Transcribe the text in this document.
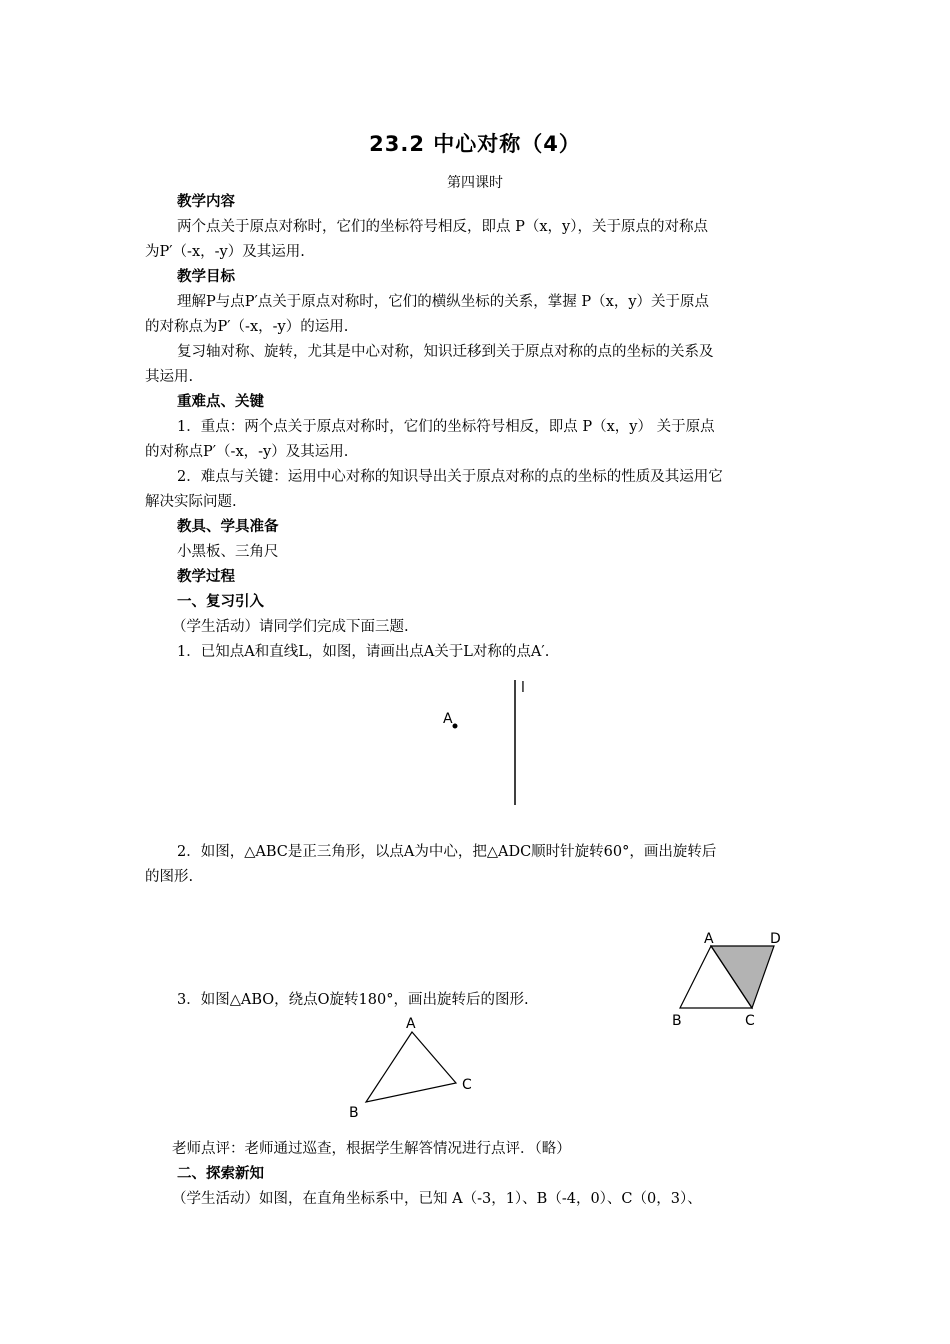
23.2 中心对称（4）
第四课时
教学内容
两个点关于原点对称时，它们的坐标符号相反，即点 P（x，y），关于原点的对称点
为P′（-x，-y）及其运用.
教学目标
理解P与点P′点关于原点对称时，它们的横纵坐标的关系，掌握 P（x，y）关于原点
的对称点为P′（-x，-y）的运用.
复习轴对称、旋转，尤其是中心对称，知识迁移到关于原点对称的点的坐标的关系及
其运用.
重难点、关键
1．重点：两个点关于原点对称时，它们的坐标符号相反，即点 P（x，y） 关于原点
的对称点P′（-x，-y）及其运用.
2．难点与关键：运用中心对称的知识导出关于原点对称的点的坐标的性质及其运用它
解决实际问题.
教具、学具准备
小黑板、三角尺
教学过程
一、复习引入
（学生活动）请同学们完成下面三题.
1．已知点A和直线L，如图，请画出点A关于L对称的点A′.
2．如图，△ABC是正三角形，以点A为中心，把△ADC顺时针旋转60°，画出旋转后
的图形.
3．如图△ABO，绕点O旋转180°，画出旋转后的图形.
老师点评：老师通过巡查，根据学生解答情况进行点评．（略）
二、探索新知
（学生活动）如图，在直角坐标系中，已知 A（-3，1）、B（-4，0）、C（0，3）、
l
A
A	D
B	C
A
B
C
